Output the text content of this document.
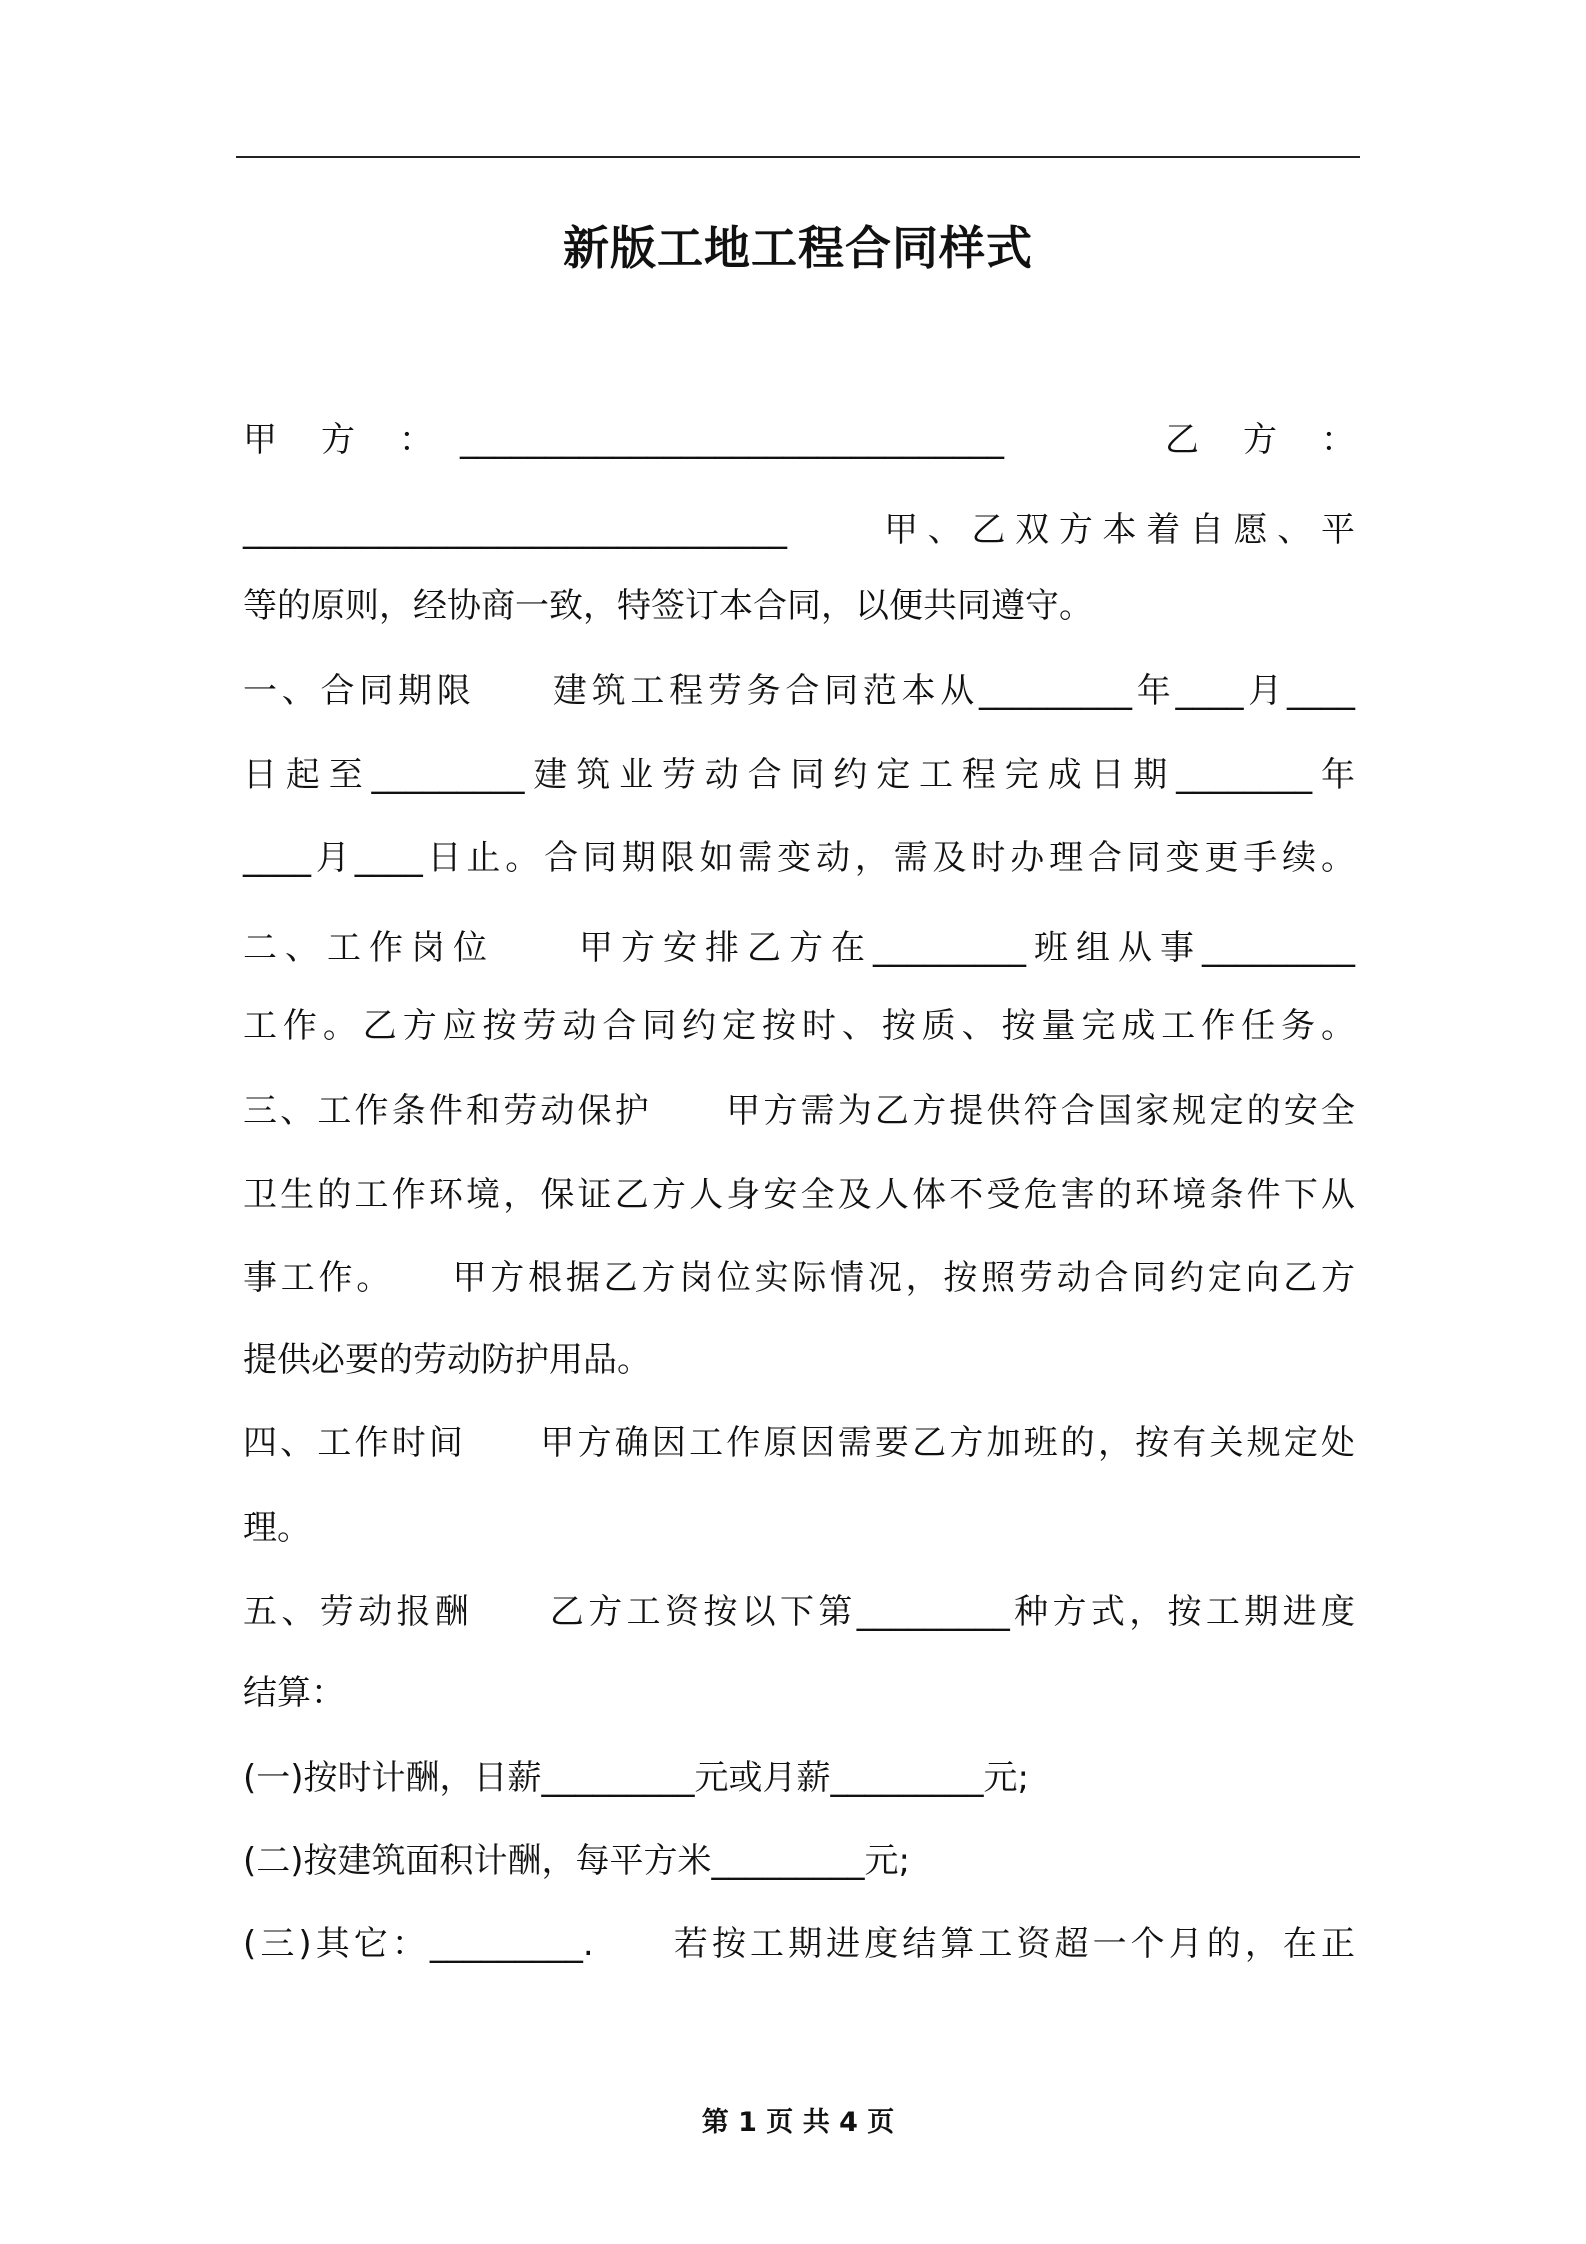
新版工地工程合同样式
甲　方　：　________________________________　　　　乙　方　：
________________________________　　甲、乙双方本着自愿、平
等的原则，经协商一致，特签订本合同，以便共同遵守。
一、合同期限　　建筑工程劳务合同范本从_________年____月____
日起至_________建筑业劳动合同约定工程完成日期________年
____月____日止。合同期限如需变动，需及时办理合同变更手续。
二、工作岗位　　甲方安排乙方在_________班组从事_________
工作。乙方应按劳动合同约定按时、按质、按量完成工作任务。
三、工作条件和劳动保护　　甲方需为乙方提供符合国家规定的安全
卫生的工作环境，保证乙方人身安全及人体不受危害的环境条件下从
事工作。　　甲方根据乙方岗位实际情况，按照劳动合同约定向乙方
提供必要的劳动防护用品。
四、工作时间　　甲方确因工作原因需要乙方加班的，按有关规定处
理。
五、劳动报酬　　乙方工资按以下第_________种方式，按工期进度
结算：
(一)按时计酬，日薪_________元或月薪_________元;
(二)按建筑面积计酬，每平方米_________元;
(三)其它：_________.　　若按工期进度结算工资超一个月的，在正
第 1 页 共 4 页
